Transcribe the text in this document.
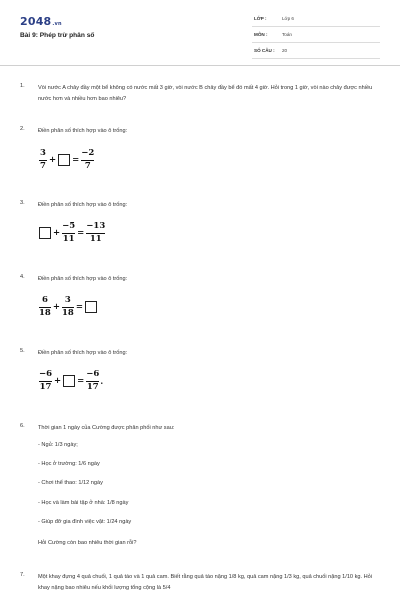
2048.vn
Bài 9: Phép trừ phân số
LỚP :	Lớp 6
MÔN :	Toán
SỐ CÂU : 20
1. Vòi nước A chảy đầy một bể không có nước mất 3 giờ, vòi nước B chảy đầy bể đó mất 4 giờ. Hỏi trong 1 giờ, vòi nào chảy được nhiều nước hơn và nhiều hơn bao nhiêu?
2. Điền phân số thích hợp vào ô trống:
$\frac{3}{7}$ + = $\frac{-2}{7}$
3. Điền phân số thích hợp vào ô trống:
+ $\frac{-5}{11} = \frac{-13}{11}$
4. Điền phân số thích hợp vào ô trống:
$\frac{6}{18} + \frac{3}{18}$ =
5. Điền phân số thích hợp vào ô trống:
$\frac{-6}{17}$ + = $\frac{-6}{17}$ .
6. Thời gian 1 ngày của Cường được phân phối như sau:
- Ngủ: 1/3 ngày;
- Học ở trường: 1/6 ngày
- Chơi thể thao: 1/12 ngày
- Học và làm bài tập ở nhà: 1/8 ngày
- Giúp đỡ gia đình việc vặt: 1/24 ngày
Hỏi Cường còn bao nhiêu thời gian rỗi?
7. Một khay đựng 4 quả chuối, 1 quả táo và 1 quả cam. Biết rằng quả táo nặng 1/8 kg, quả cam nặng 1/3 kg, quả chuối nặng 1/10 kg. Hỏi khay nặng bao nhiêu nếu khối lượng tổng cộng là 5/4
